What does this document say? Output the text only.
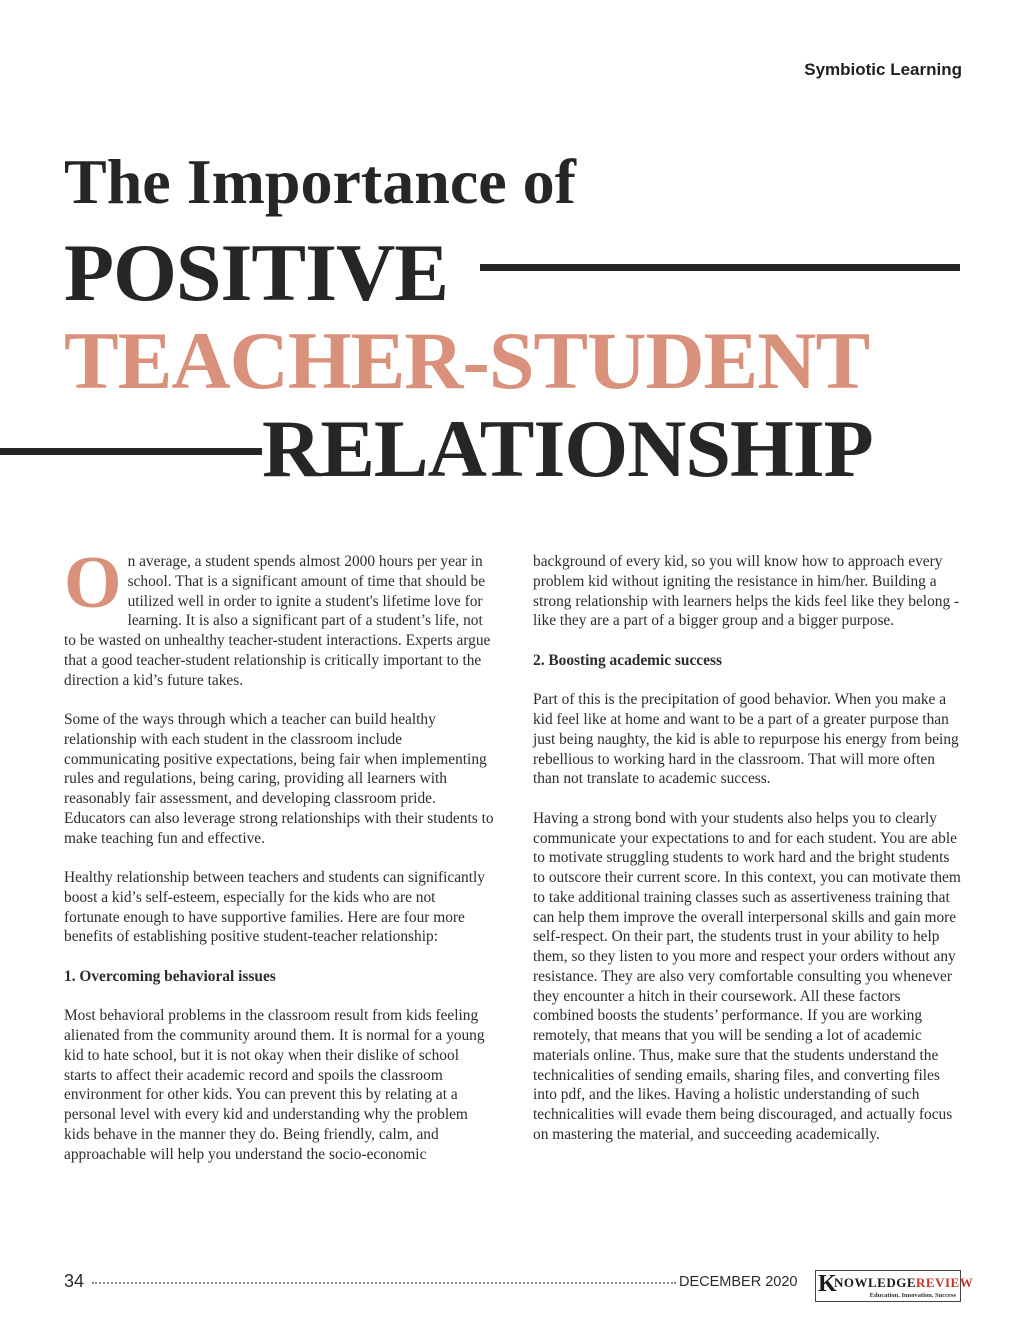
Symbiotic Learning
The Importance of
POSITIVE
TEACHER-STUDENT
RELATIONSHIP

On average, a student spends almost 2000 hours per year in school. That is a significant amount of time that should be utilized well in order to ignite a student's lifetime love for learning. It is also a significant part of a student’s life, not to be wasted on unhealthy teacher-student interactions. Experts argue that a good teacher-student relationship is critically important to the direction a kid’s future takes.

Some of the ways through which a teacher can build healthy relationship with each student in the classroom include communicating positive expectations, being fair when implementing rules and regulations, being caring, providing all learners with reasonably fair assessment, and developing classroom pride. Educators can also leverage strong relationships with their students to make teaching fun and effective.

Healthy relationship between teachers and students can significantly boost a kid’s self-esteem, especially for the kids who are not fortunate enough to have supportive families. Here are four more benefits of establishing positive student-teacher relationship:

1. Overcoming behavioral issues

Most behavioral problems in the classroom result from kids feeling alienated from the community around them. It is normal for a young kid to hate school, but it is not okay when their dislike of school starts to affect their academic record and spoils the classroom environment for other kids. You can prevent this by relating at a personal level with every kid and understanding why the problem kids behave in the manner they do. Being friendly, calm, and approachable will help you understand the socio-economic

background of every kid, so you will know how to approach every problem kid without igniting the resistance in him/her. Building a strong relationship with learners helps the kids feel like they belong - like they are a part of a bigger group and a bigger purpose.

2. Boosting academic success

Part of this is the precipitation of good behavior. When you make a kid feel like at home and want to be a part of a greater purpose than just being naughty, the kid is able to repurpose his energy from being rebellious to working hard in the classroom. That will more often than not translate to academic success.

Having a strong bond with your students also helps you to clearly communicate your expectations to and for each student. You are able to motivate struggling students to work hard and the bright students to outscore their current score. In this context, you can motivate them to take additional training classes such as assertiveness training that can help them improve the overall interpersonal skills and gain more self-respect. On their part, the students trust in your ability to help them, so they listen to you more and respect your orders without any resistance. They are also very comfortable consulting you whenever they encounter a hitch in their coursework. All these factors combined boosts the students’ performance. If you are working remotely, that means that you will be sending a lot of academic materials online. Thus, make sure that the students understand the technicalities of sending emails, sharing files, and converting files into pdf, and the likes. Having a holistic understanding of such technicalities will evade them being discouraged, and actually focus on mastering the material, and succeeding academically.

34	DECEMBER 2020 K
NOWLEDGEREVIEW
Education. Innovation. Success
